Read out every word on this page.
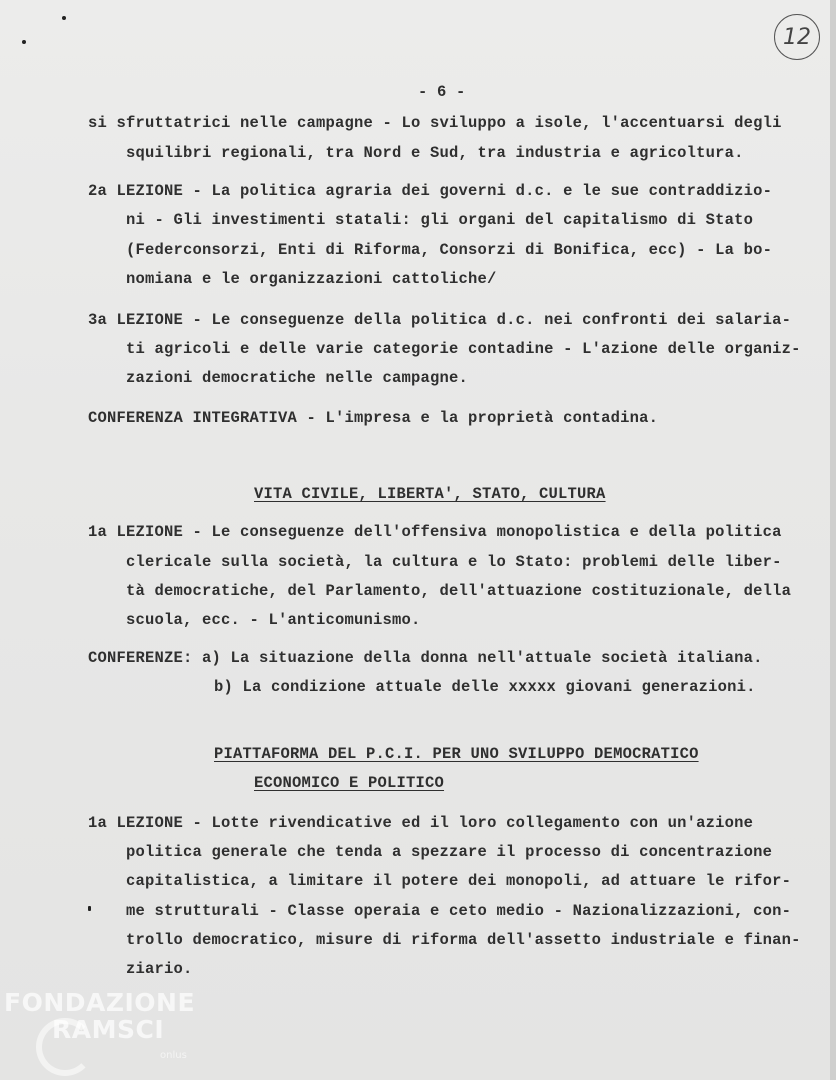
12
- 6 -
si sfruttatrici nelle campagne - Lo sviluppo a isole, l'accentuarsi degli
squilibri regionali, tra Nord e Sud, tra industria e agricoltura.
2a LEZIONE - La politica agraria dei governi d.c. e le sue contraddizio-
ni - Gli investimenti statali: gli organi del capitalismo di Stato
(Federconsorzi, Enti di Riforma, Consorzi di Bonifica, ecc) - La bo-
nomiana e le organizzazioni cattoliche/
3a LEZIONE - Le conseguenze della politica d.c. nei confronti dei salaria-
ti agricoli e delle varie categorie contadine - L'azione delle organiz-
zazioni democratiche nelle campagne.
CONFERENZA INTEGRATIVA - L'impresa e la proprietà contadina.
VITA CIVILE, LIBERTA', STATO, CULTURA
1a LEZIONE - Le conseguenze dell'offensiva monopolistica e della politica
clericale sulla società, la cultura e lo Stato: problemi delle liber-
tà democratiche, del Parlamento, dell'attuazione costituzionale, della
scuola, ecc. - L'anticomunismo.
CONFERENZE: a) La situazione della donna nell'attuale società italiana.
b) La condizione attuale delle xxxxx giovani generazioni.
PIATTAFORMA DEL P.C.I. PER UNO SVILUPPO DEMOCRATICO
ECONOMICO E POLITICO
1a LEZIONE - Lotte rivendicative ed il loro collegamento con un'azione
politica generale che tenda a spezzare il processo di concentrazione
capitalistica, a limitare il potere dei monopoli, ad attuare le rifor-
me strutturali - Classe operaia e ceto medio - Nazionalizzazioni, con-
trollo democratico, misure di riforma dell'assetto industriale e finan-
ziario.
FONDAZIONE
RAMSCI
onlus
